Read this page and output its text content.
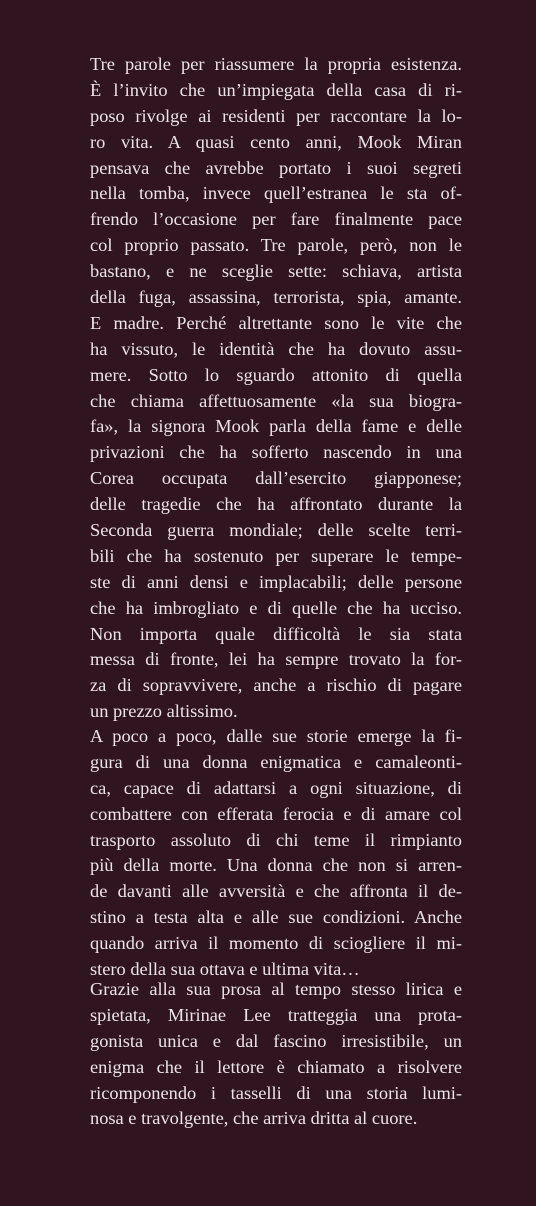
Tre parole per riassumere la propria esistenza.

È l’invito che un’impiegata della casa di ri-

poso rivolge ai residenti per raccontare la lo-

ro vita. A quasi cento anni, Mook Miran

pensava che avrebbe portato i suoi segreti

nella tomba, invece quell’estranea le sta of-

frendo l’occasione per fare finalmente pace

col proprio passato. Tre parole, però, non le

bastano, e ne sceglie sette: schiava, artista

della fuga, assassina, terrorista, spia, amante.

E madre. Perché altrettante sono le vite che

ha vissuto, le identità che ha dovuto assu-

mere. Sotto lo sguardo attonito di quella

che chiama affettuosamente «la sua biogra-

fa», la signora Mook parla della fame e delle

privazioni che ha sofferto nascendo in una

Corea occupata dall’esercito giapponese;

delle tragedie che ha affrontato durante la

Seconda guerra mondiale; delle scelte terri-

bili che ha sostenuto per superare le tempe-

ste di anni densi e implacabili; delle persone

che ha imbrogliato e di quelle che ha ucciso.

Non importa quale difficoltà le sia stata

messa di fronte, lei ha sempre trovato la for-

za di sopravvivere, anche a rischio di pagare

un prezzo altissimo.

A poco a poco, dalle sue storie emerge la fi-

gura di una donna enigmatica e camaleonti-

ca, capace di adattarsi a ogni situazione, di

combattere con efferata ferocia e di amare col

trasporto assoluto di chi teme il rimpianto

più della morte. Una donna che non si arren-

de davanti alle avversità e che affronta il de-

stino a testa alta e alle sue condizioni. Anche

quando arriva il momento di sciogliere il mi-

stero della sua ottava e ultima vita…

Grazie alla sua prosa al tempo stesso lirica e

spietata, Mirinae Lee tratteggia una prota-

gonista unica e dal fascino irresistibile, un

enigma che il lettore è chiamato a risolvere

ricomponendo i tasselli di una storia lumi-

nosa e travolgente, che arriva dritta al cuore.
